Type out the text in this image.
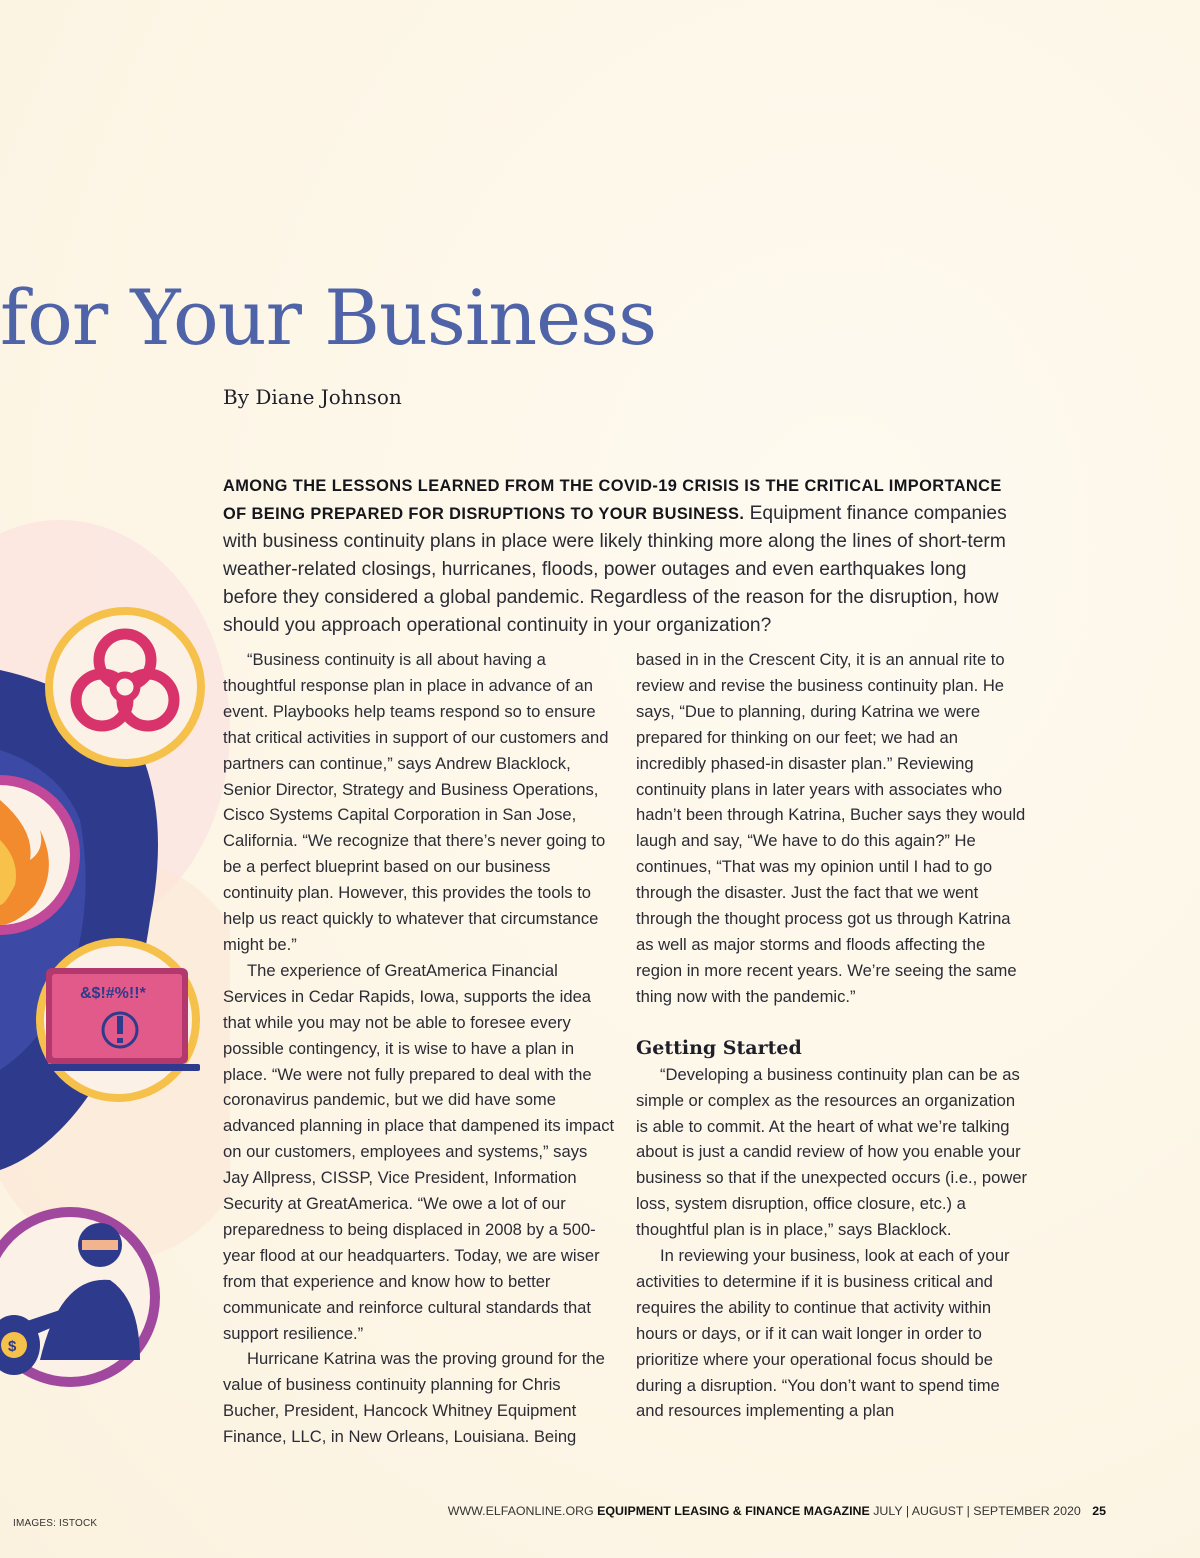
&$!#%!!*
$
for Your Business

By Diane Johnson

AMONG THE LESSONS LEARNED FROM THE COVID-19 CRISIS IS THE CRITICAL IMPORTANCE OF BEING PREPARED FOR DISRUPTIONS TO YOUR BUSINESS. Equipment finance companies with business continuity plans in place were likely thinking more along the lines of short-term weather-related closings, hurricanes, floods, power outages and even earthquakes long before they considered a global pandemic. Regardless of the reason for the disruption, how should you approach operational continuity in your organization?

“Business continuity is all about having a thoughtful response plan in place in advance of an event. Playbooks help teams respond so to ensure that critical activities in support of our customers and partners can continue,” says Andrew Blacklock, Senior Director, Strategy and Business Operations, Cisco Systems Capital Corporation in San Jose, California. “We recognize that there’s never going to be a perfect blueprint based on our business continuity plan. However, this provides the tools to help us react quickly to whatever that circumstance might be.”

The experience of GreatAmerica Financial Services in Cedar Rapids, Iowa, supports the idea that while you may not be able to foresee every possible contingency, it is wise to have a plan in place. “We were not fully prepared to deal with the coronavirus pandemic, but we did have some advanced planning in place that dampened its impact on our customers, employees and systems,” says Jay Allpress, CISSP, Vice President, Information Security at GreatAmerica. “We owe a lot of our preparedness to being displaced in 2008 by a 500-year flood at our headquarters. Today, we are wiser from that experience and know how to better communicate and reinforce cultural standards that support resilience.”

Hurricane Katrina was the proving ground for the value of business continuity planning for Chris Bucher, President, Hancock Whitney Equipment Finance, LLC, in New Orleans, Louisiana. Being

based in in the Crescent City, it is an annual rite to review and revise the business continuity plan. He says, “Due to planning, during Katrina we were prepared for thinking on our feet; we had an incredibly phased-in disaster plan.” Reviewing continuity plans in later years with associates who hadn’t been through Katrina, Bucher says they would laugh and say, “We have to do this again?” He continues, “That was my opinion until I had to go through the disaster. Just the fact that we went through the thought process got us through Katrina as well as major storms and floods affecting the region in more recent years. We’re seeing the same thing now with the pandemic.”

Getting Started

“Developing a business continuity plan can be as simple or complex as the resources an organization is able to commit. At the heart of what we’re talking about is just a candid review of how you enable your business so that if the unexpected occurs (i.e., power loss, system disruption, office closure, etc.) a thoughtful plan is in place,” says Blacklock.

In reviewing your business, look at each of your activities to determine if it is business critical and requires the ability to continue that activity within hours or days, or if it can wait longer in order to prioritize where your operational focus should be during a disruption. “You don’t want to spend time and resources implementing a plan

WWW.ELFAONLINE.ORG EQUIPMENT LEASING & FINANCE MAGAZINE JULY | AUGUST | SEPTEMBER 2020 25
IMAGES: ISTOCK
